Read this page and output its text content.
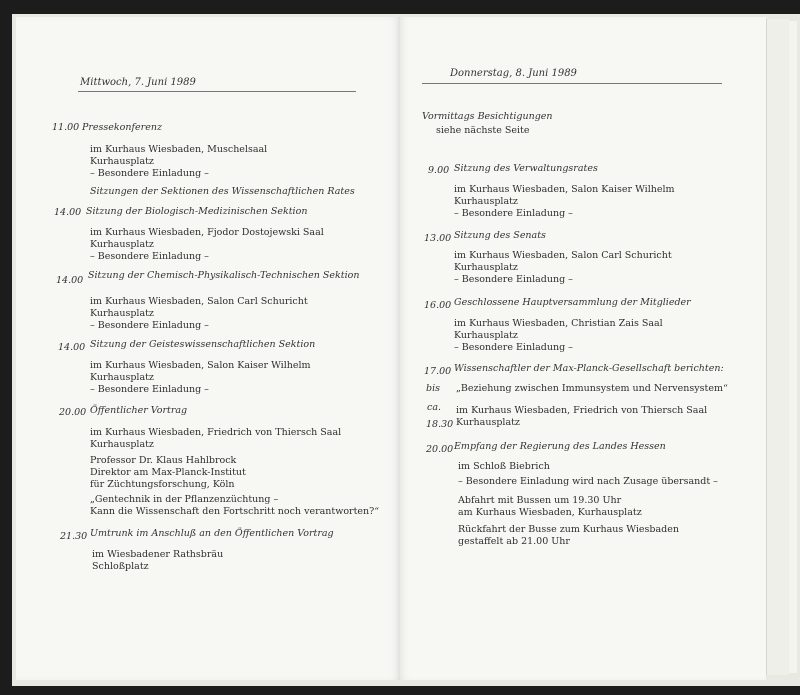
Mittwoch, 7. Juni 1989
11.00 Pressekonferenz
im Kurhaus Wiesbaden, Muschelsaal
Kurhausplatz
– Besondere Einladung –
Sitzungen der Sektionen des Wissenschaftlichen Rates
14.00 Sitzung der Biologisch-Medizinischen Sektion
im Kurhaus Wiesbaden, Fjodor Dostojewski Saal
Kurhausplatz
– Besondere Einladung –
14.00 Sitzung der Chemisch-Physikalisch-Technischen Sektion
im Kurhaus Wiesbaden, Salon Carl Schuricht
Kurhausplatz
– Besondere Einladung –
14.00 Sitzung der Geisteswissenschaftlichen Sektion
im Kurhaus Wiesbaden, Salon Kaiser Wilhelm
Kurhausplatz
– Besondere Einladung –
20.00 Öffentlicher Vortrag
im Kurhaus Wiesbaden, Friedrich von Thiersch Saal
Kurhausplatz
Professor Dr. Klaus Hahlbrock
Direktor am Max-Planck-Institut
für Züchtungsforschung, Köln
„Gentechnik in der Pflanzenzüchtung –
Kann die Wissenschaft den Fortschritt noch verantworten?“
21.30 Umtrunk im Anschluß an den Öffentlichen Vortrag
im Wiesbadener Rathsbräu
Schloßplatz
Donnerstag, 8. Juni 1989
Vormittags Besichtigungen
siehe nächste Seite
9.00 Sitzung des Verwaltungsrates
im Kurhaus Wiesbaden, Salon Kaiser Wilhelm
Kurhausplatz
– Besondere Einladung –
13.00 Sitzung des Senats
im Kurhaus Wiesbaden, Salon Carl Schuricht
Kurhausplatz
– Besondere Einladung –
16.00 Geschlossene Hauptversammlung der Mitglieder
im Kurhaus Wiesbaden, Christian Zais Saal
Kurhausplatz
– Besondere Einladung –
17.00
bis
ca.
18.30
Wissenschaftler der Max-Planck-Gesellschaft berichten:
„Beziehung zwischen Immunsystem und Nervensystem“
im Kurhaus Wiesbaden, Friedrich von Thiersch Saal
Kurhausplatz
20.00 Empfang der Regierung des Landes Hessen
im Schloß Biebrich
– Besondere Einladung wird nach Zusage übersandt –
Abfahrt mit Bussen um 19.30 Uhr
am Kurhaus Wiesbaden, Kurhausplatz
Rückfahrt der Busse zum Kurhaus Wiesbaden
gestaffelt ab 21.00 Uhr
